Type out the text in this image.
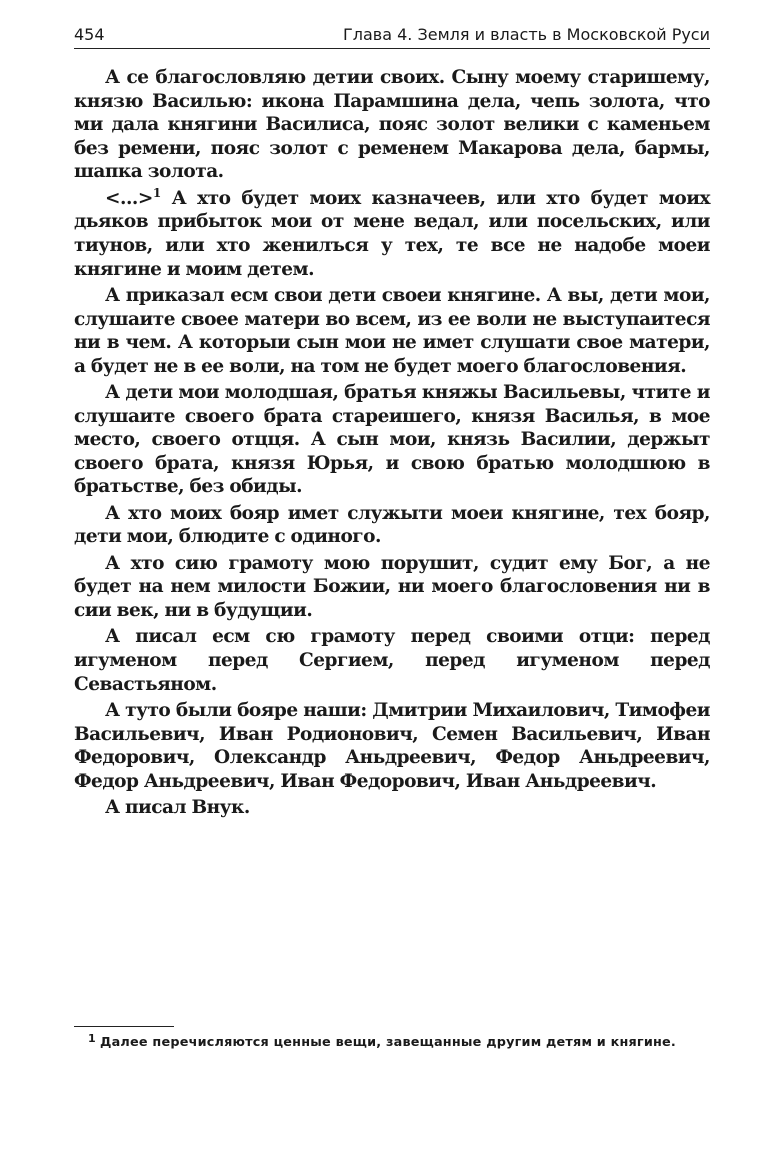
454	Глава 4. Земля и власть в Московской Руси

А се благословляю детии своих. Сыну моему старишему, князю Василью: икона Парамшина дела, чепь золота, что ми дала княгини Василиса, пояс золот велики с каменьем без ремени, пояс золот с ременем Макарова дела, бармы, шапка золота.

<...>$^1$ А хто будет моих казначеев, или хто будет моих дьяков прибыток мои от мене ведал, или посельских, или тиунов, или хто женилъся у тех, те все не надобе моеи княгине и моим детем.

А приказал есм свои дети своеи княгине. А вы, дети мои, слушаите своее матери во всем, из ее воли не выступаитеся ни в чем. А которыи сын мои не имет слушати свое матери, а будет не в ее воли, на том не будет моего благословения.

А дети мои молодшая, братья княжы Васильевы, чтите и слушаите своего брата стареишего, князя Василья, в мое место, своего отцця. А сын мои, князь Василии, держыт своего брата, князя Юрья, и свою братью молодшюю в братьстве, без обиды.

А хто моих бояр имет служыти моеи княгине, тех бояр, дети мои, блюдите с одиного.

А хто сию грамоту мою порушит, судит ему Бог, а не будет на нем милости Божии, ни моего благословения ни в сии век, ни в будущии.

А писал есм сю грамоту перед своими отци: перед игуменом перед Сергием, перед игуменом перед Севастьяном.

А туто были бояре наши: Дмитрии Михаилович, Тимофеи Васильевич, Иван Родионович, Семен Васильевич, Иван Федорович, Олександр Аньдреевич, Федор Аньдреевич, Федор Аньдреевич, Иван Федорович, Иван Аньдреевич.

А писал Внук.

1 Далее перечисляются ценные вещи, завещанные другим детям и княгине.
